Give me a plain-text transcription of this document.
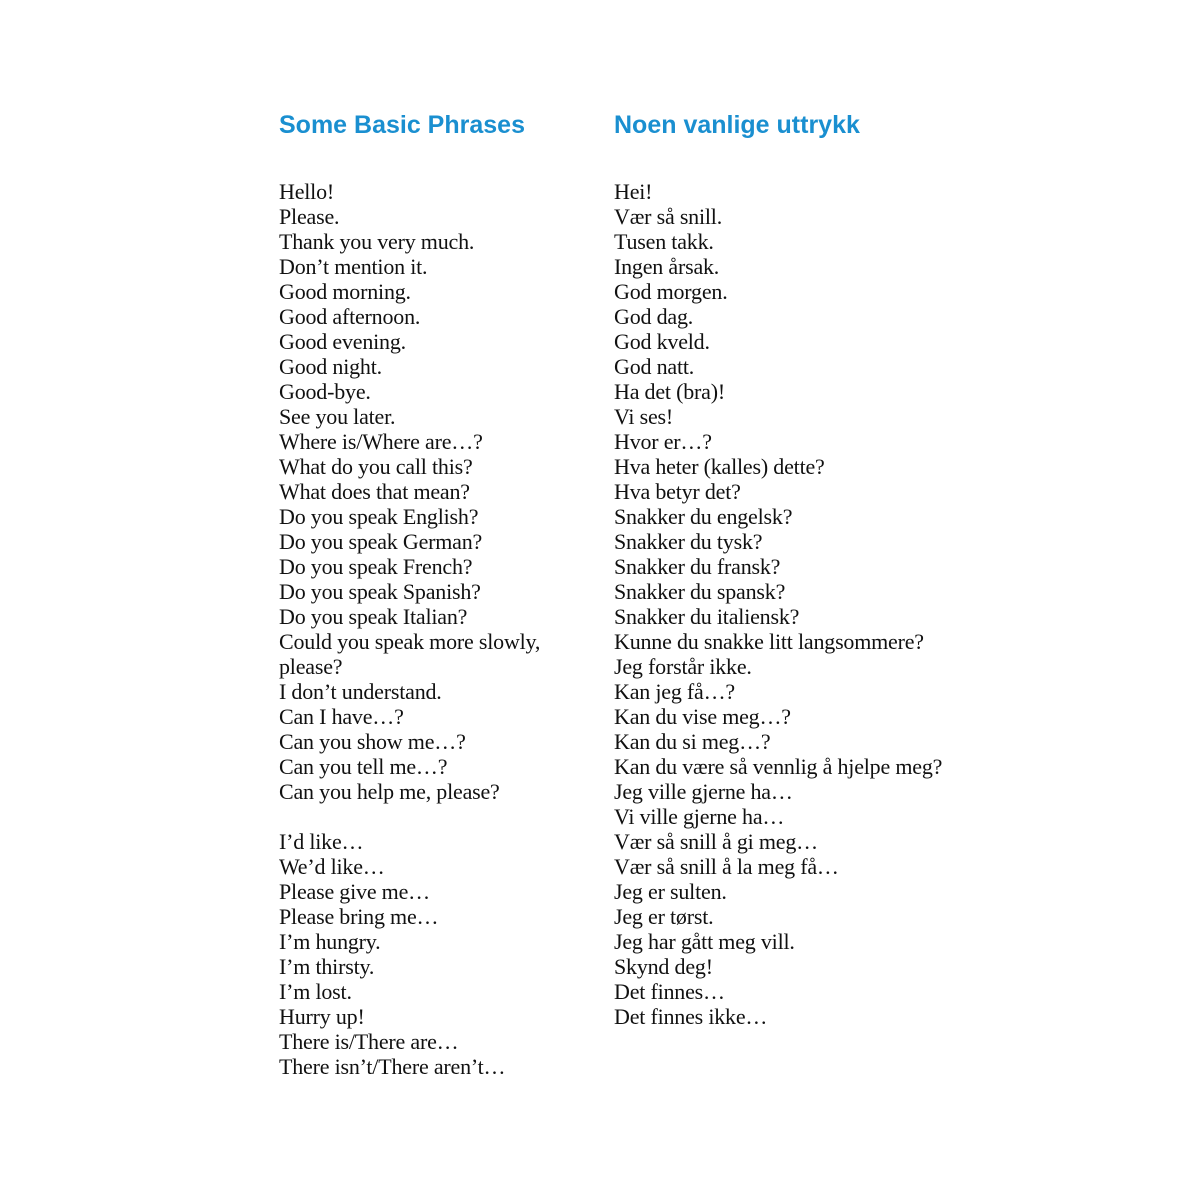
Some Basic Phrases
Hello!
Please.
Thank you very much.
Don’t mention it.
Good morning.
Good afternoon.
Good evening.
Good night.
Good-bye.
See you later.
Where is/Where are…?
What do you call this?
What does that mean?
Do you speak English?
Do you speak German?
Do you speak French?
Do you speak Spanish?
Do you speak Italian?
Could you speak more slowly, please?
I don’t understand.
Can I have…?
Can you show me…?
Can you tell me…?
Can you help me, please?
I’d like…
We’d like…
Please give me…
Please bring me…
I’m hungry.
I’m thirsty.
I’m lost.
Hurry up!
There is/There are…
There isn’t/There aren’t…
Noen vanlige uttrykk
Hei!
Vær så snill.
Tusen takk.
Ingen årsak.
God morgen.
God dag.
God kveld.
God natt.
Ha det (bra)!
Vi ses!
Hvor er…?
Hva heter (kalles) dette?
Hva betyr det?
Snakker du engelsk?
Snakker du tysk?
Snakker du fransk?
Snakker du spansk?
Snakker du italiensk?
Kunne du snakke litt langsommere?
Jeg forstår ikke.
Kan jeg få…?
Kan du vise meg…?
Kan du si meg…?
Kan du være så vennlig å hjelpe meg?
Jeg ville gjerne ha…
Vi ville gjerne ha…
Vær så snill å gi meg…
Vær så snill å la meg få…
Jeg er sulten.
Jeg er tørst.
Jeg har gått meg vill.
Skynd deg!
Det finnes…
Det finnes ikke…
